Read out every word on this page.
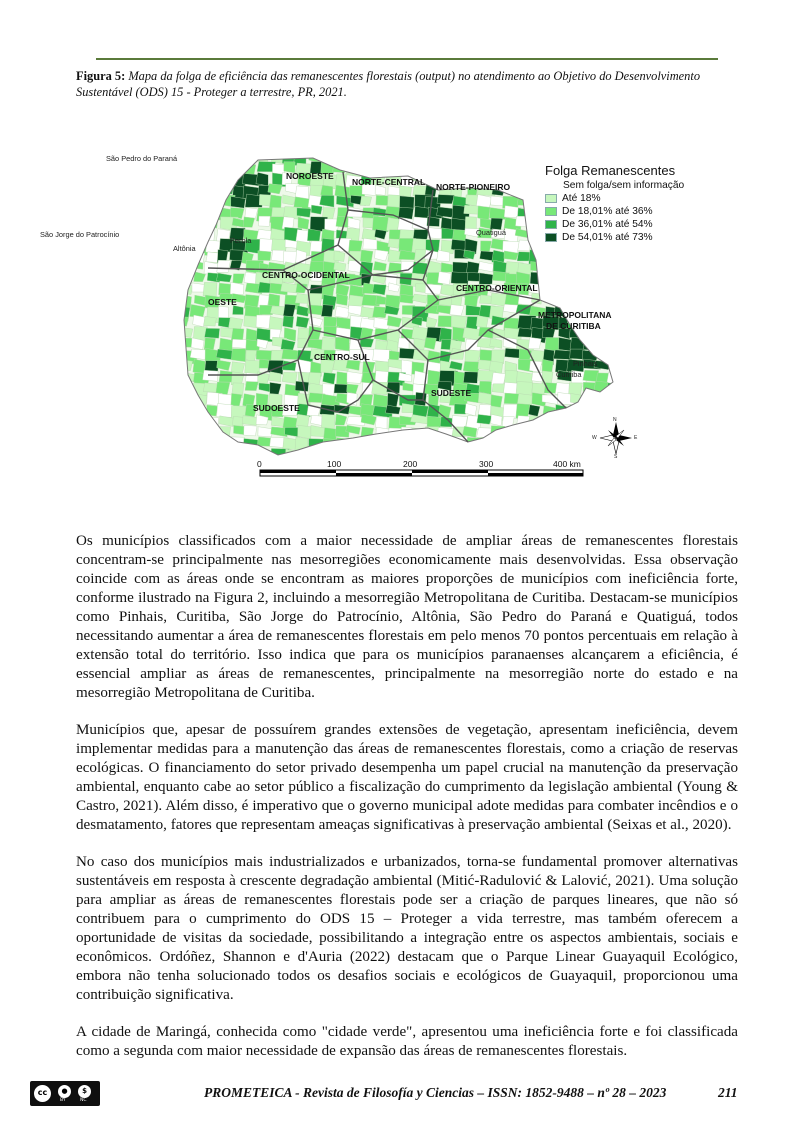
Figura 5: Mapa da folga de eficiência das remanescentes florestais (output) no atendimento ao Objetivo do Desenvolvimento Sustentável (ODS) 15 - Proteger a terrestre, PR, 2021.
São Pedro do Paraná
São Jorge do Patrocínio
Altônia
Perola
Quatiguá
Pinhais
Curitiba
NOROESTE
NORTE-CENTRAL NORTE-PIONEIRO
CENTRO-OCIDENTAL
CENTRO-ORIENTAL
OESTE
METROPOLITANA
DE CURITIBA
CENTRO-SUL
SUDESTE
SUDOESTE
Folga Remanescentes
Sem folga/sem informação
Até 18%
De 18,01% até 36%
De 36,01% até 54%
De 54,01% até 73%
0	100	200	300	400 km
N
S
E
W

Os municípios classificados com a maior necessidade de ampliar áreas de remanescentes florestais concentram-se principalmente nas mesorregiões economicamente mais desenvolvidas. Essa observação coincide com as áreas onde se encontram as maiores proporções de municípios com ineficiência forte, conforme ilustrado na Figura 2, incluindo a mesorregião Metropolitana de Curitiba. Destacam-se municípios como Pinhais, Curitiba, São Jorge do Patrocínio, Altônia, São Pedro do Paraná e Quatiguá, todos necessitando aumentar a área de remanescentes florestais em pelo menos 70 pontos percentuais em relação à extensão total do território. Isso indica que para os municípios paranaenses alcançarem a eficiência, é essencial ampliar as áreas de remanescentes, principalmente na mesorregião norte do estado e na mesorregião Metropolitana de Curitiba.

Municípios que, apesar de possuírem grandes extensões de vegetação, apresentam ineficiência, devem implementar medidas para a manutenção das áreas de remanescentes florestais, como a criação de reservas ecológicas. O financiamento do setor privado desempenha um papel crucial na manutenção da preservação ambiental, enquanto cabe ao setor público a fiscalização do cumprimento da legislação ambiental (Young & Castro, 2021). Além disso, é imperativo que o governo municipal adote medidas para combater incêndios e o desmatamento, fatores que representam ameaças significativas à preservação ambiental (Seixas et al., 2020).

No caso dos municípios mais industrializados e urbanizados, torna-se fundamental promover alternativas sustentáveis em resposta à crescente degradação ambiental (Mitić-Radulović & Lalović, 2021). Uma solução para ampliar as áreas de remanescentes florestais pode ser a criação de parques lineares, que não só contribuem para o cumprimento do ODS 15 – Proteger a vida terrestre, mas também oferecem a oportunidade de visitas da sociedade, possibilitando a integração entre os aspectos ambientais, sociais e econômicos. Ordóñez, Shannon e d'Auria (2022) destacam que o Parque Linear Guayaquil Ecológico, embora não tenha solucionado todos os desafios sociais e ecológicos de Guayaquil, proporcionou uma contribuição significativa.

A cidade de Maringá, conhecida como "cidade verde", apresentou uma ineficiência forte e foi classificada como a segunda com maior necessidade de expansão das áreas de remanescentes florestais.

cc	●	$
BY	NC
PROMETEICA - Revista de Filosofía y Ciencias – ISSN: 1852-9488 – nº 28 – 2023	211
